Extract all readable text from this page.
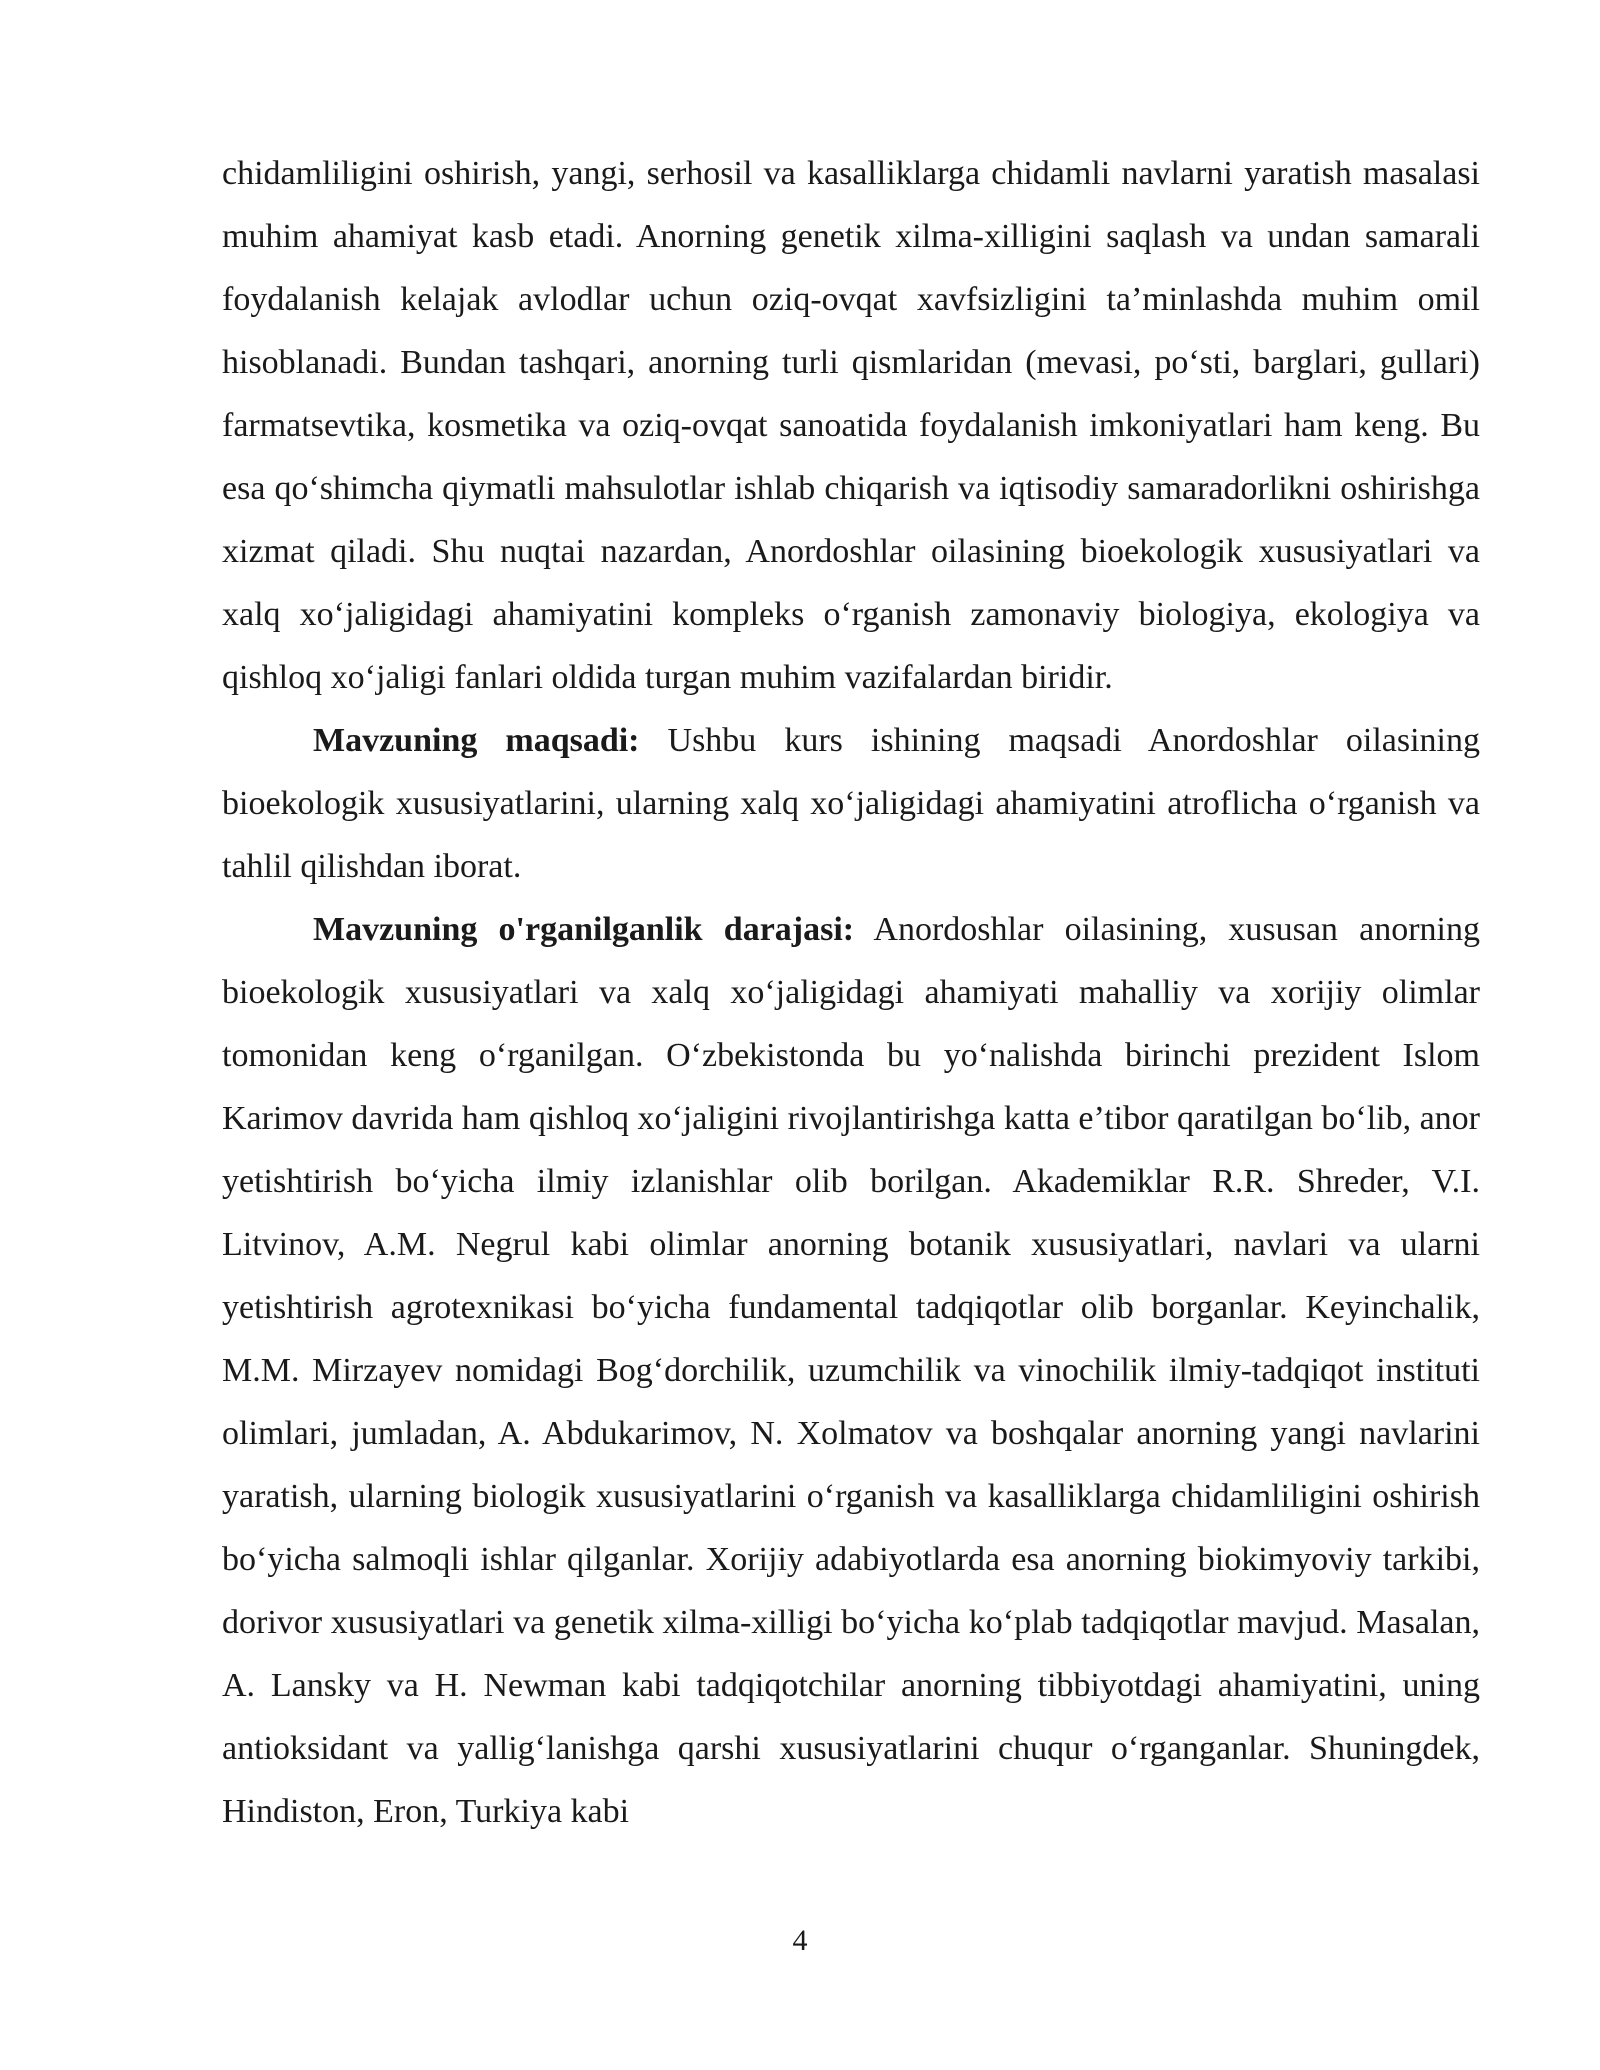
chidamliligini oshirish, yangi, serhosil va kasalliklarga chidamli navlarni yaratish masalasi muhim ahamiyat kasb etadi. Anorning genetik xilma-xilligini saqlash va undan samarali foydalanish kelajak avlodlar uchun oziq-ovqat xavfsizligini ta’minlashda muhim omil hisoblanadi. Bundan tashqari, anorning turli qismlaridan (mevasi, po‘sti, barglari, gullari) farmatsevtika, kosmetika va oziq-ovqat sanoatida foydalanish imkoniyatlari ham keng. Bu esa qo‘shimcha qiymatli mahsulotlar ishlab chiqarish va iqtisodiy samaradorlikni oshirishga xizmat qiladi. Shu nuqtai nazardan, Anordoshlar oilasining bioekologik xususiyatlari va xalq xo‘jaligidagi ahamiyatini kompleks o‘rganish zamonaviy biologiya, ekologiya va qishloq xo‘jaligi fanlari oldida turgan muhim vazifalardan biridir.

Mavzuning maqsadi: Ushbu kurs ishining maqsadi Anordoshlar oilasining bioekologik xususiyatlarini, ularning xalq xo‘jaligidagi ahamiyatini atroflicha o‘rganish va tahlil qilishdan iborat.

Mavzuning o'rganilganlik darajasi: Anordoshlar oilasining, xususan anorning bioekologik xususiyatlari va xalq xo‘jaligidagi ahamiyati mahalliy va xorijiy olimlar tomonidan keng o‘rganilgan. O‘zbekistonda bu yo‘nalishda birinchi prezident Islom Karimov davrida ham qishloq xo‘jaligini rivojlantirishga katta e’tibor qaratilgan bo‘lib, anor yetishtirish bo‘yicha ilmiy izlanishlar olib borilgan. Akademiklar R.R. Shreder, V.I. Litvinov, A.M. Negrul kabi olimlar anorning botanik xususiyatlari, navlari va ularni yetishtirish agrotexnikasi bo‘yicha fundamental tadqiqotlar olib borganlar. Keyinchalik, M.M. Mirzayev nomidagi Bog‘dorchilik, uzumchilik va vinochilik ilmiy-tadqiqot instituti olimlari, jumladan, A. Abdukarimov, N. Xolmatov va boshqalar anorning yangi navlarini yaratish, ularning biologik xususiyatlarini o‘rganish va kasalliklarga chidamliligini oshirish bo‘yicha salmoqli ishlar qilganlar. Xorijiy adabiyotlarda esa anorning biokimyoviy tarkibi, dorivor xususiyatlari va genetik xilma-xilligi bo‘yicha ko‘plab tadqiqotlar mavjud. Masalan, A. Lansky va H. Newman kabi tadqiqotchilar anorning tibbiyotdagi ahamiyatini, uning antioksidant va yallig‘lanishga qarshi xususiyatlarini chuqur o‘rganganlar. Shuningdek, Hindiston, Eron, Turkiya kabi

4
